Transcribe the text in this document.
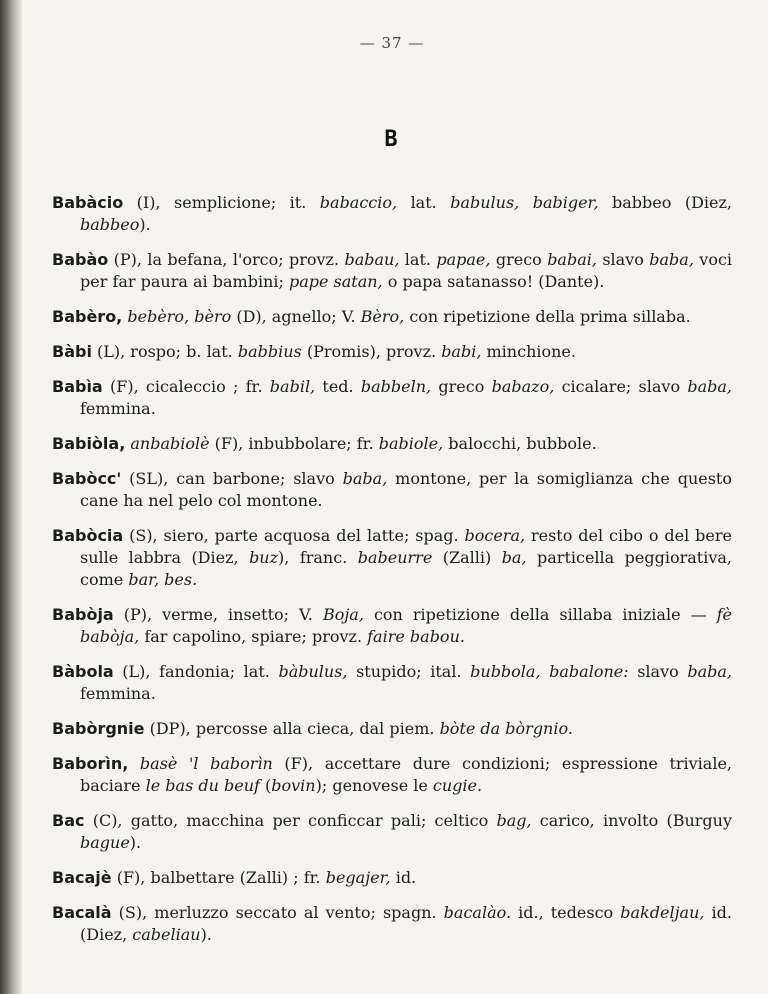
— 37 —
B
Babàcio (I), semplicione; it. babaccio, lat. babulus, babiger, babbeo (Diez, babbeo).
Babào (P), la befana, l'orco; provz. babau, lat. papae, greco babai, slavo baba, voci per far paura ai bambini; pape satan, o papa satanasso! (Dante).
Babèro, bebèro, bèro (D), agnello; V. Bèro, con ripetizione della prima sillaba.
Bàbi (L), rospo; b. lat. babbius (Promis), provz. babi, minchione.
Babìa (F), cicaleccio ; fr. babil, ted. babbeln, greco babazo, cicalare; slavo baba, femmina.
Babiòla, anbabiolè (F), inbubbolare; fr. babiole, balocchi, bubbole.
Babòcc' (SL), can barbone; slavo baba, montone, per la somiglianza che questo cane ha nel pelo col montone.
Babòcia (S), siero, parte acquosa del latte; spag. bocera, resto del cibo o del bere sulle labbra (Diez, buz), franc. babeurre (Zalli) ba, particella peggiorativa, come bar, bes.
Babòja (P), verme, insetto; V. Boja, con ripetizione della sillaba iniziale — fè babòja, far capolino, spiare; provz. faire babou.
Bàbola (L), fandonia; lat. bàbulus, stupido; ital. bubbola, babalone: slavo baba, femmina.
Babòrgnie (DP), percosse alla cieca, dal piem. bòte da bòrgnio.
Baborìn, basè 'l baborìn (F), accettare dure condizioni; espressione triviale, baciare le bas du beuf (bovin); genovese le cugie.
Bac (C), gatto, macchina per conficcar pali; celtico bag, carico, involto (Burguy bague).
Bacajè (F), balbettare (Zalli) ; fr. begajer, id.
Bacalà (S), merluzzo seccato al vento; spagn. bacalào. id., tedesco bakdeljau, id. (Diez, cabeliau).
